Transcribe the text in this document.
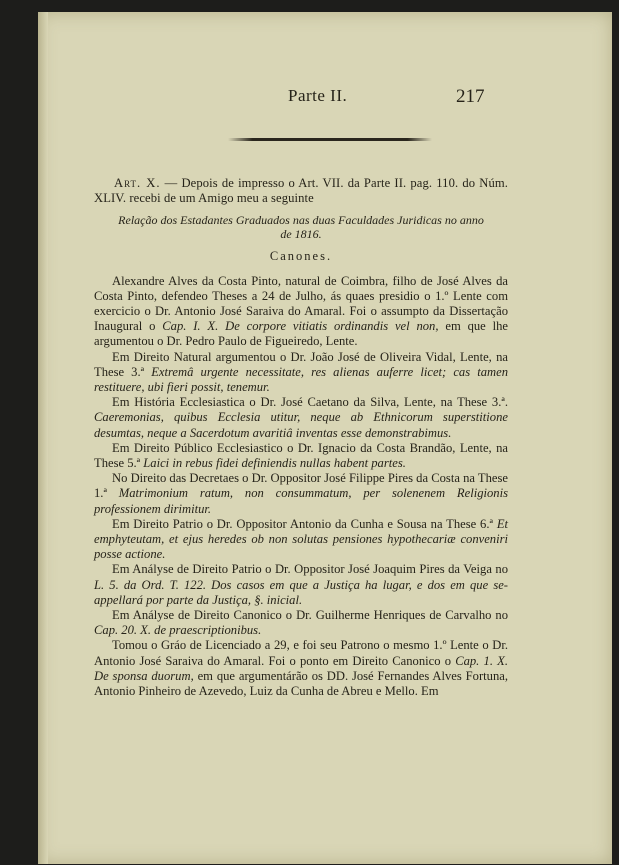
Parte II.	217

Art. X. — Depois de impresso o Art. VII. da Parte II. pag. 110. do Núm. XLIV. recebi de um Amigo meu a seguinte

Relação dos Estadantes Graduados nas duas Faculdades Juridicas no anno de 1816.

Canones.

Alexandre Alves da Costa Pinto, natural de Coimbra, filho de José Alves da Costa Pinto, defendeo Theses a 24 de Julho, ás quaes presidio o 1.º Lente com exercicio o Dr. Antonio José Saraiva do Amaral. Foi o assumpto da Dissertação Inaugural o Cap. I. X. De corpore vitiatis ordinandis vel non, em que lhe argumentou o Dr. Pedro Paulo de Figueiredo, Lente.

Em Direito Natural argumentou o Dr. João José de Oliveira Vidal, Lente, na These 3.ª Extremâ urgente necessitate, res alienas auferre licet; cas tamen restituere, ubi fieri possit, tenemur.

Em História Ecclesiastica o Dr. José Caetano da Silva, Lente, na These 3.ª. Caeremonias, quibus Ecclesia utitur, neque ab Ethnicorum superstitione desumtas, neque a Sacerdotum avaritiâ inventas esse demonstrabimus.

Em Direito Público Ecclesiastico o Dr. Ignacio da Costa Brandão, Lente, na These 5.ª Laici in rebus fidei definiendis nullas habent partes.

No Direito das Decretaes o Dr. Oppositor José Filippe Pires da Costa na These 1.ª Matrimonium ratum, non consummatum, per solenenem Religionis professionem dirimitur.

Em Direito Patrio o Dr. Oppositor Antonio da Cunha e Sousa na These 6.ª Et emphyteutam, et ejus heredes ob non solutas pensiones hypothecariæ conveniri posse actione.

Em Anályse de Direito Patrio o Dr. Oppositor José Joaquim Pires da Veiga no L. 5. da Ord. T. 122. Dos casos em que a Justiça ha lugar, e dos em que se-appellará por parte da Justiça, §. inicial.

Em Anályse de Direito Canonico o Dr. Guilherme Henriques de Carvalho no Cap. 20. X. de praescriptionibus.

Tomou o Gráo de Licenciado a 29, e foi seu Patrono o mesmo 1.º Lente o Dr. Antonio José Saraiva do Amaral. Foi o ponto em Direito Canonico o Cap. 1. X. De sponsa duorum, em que argumentárão os DD. José Fernandes Alves Fortuna, Antonio Pinheiro de Azevedo, Luiz da Cunha de Abreu e Mello. Em
